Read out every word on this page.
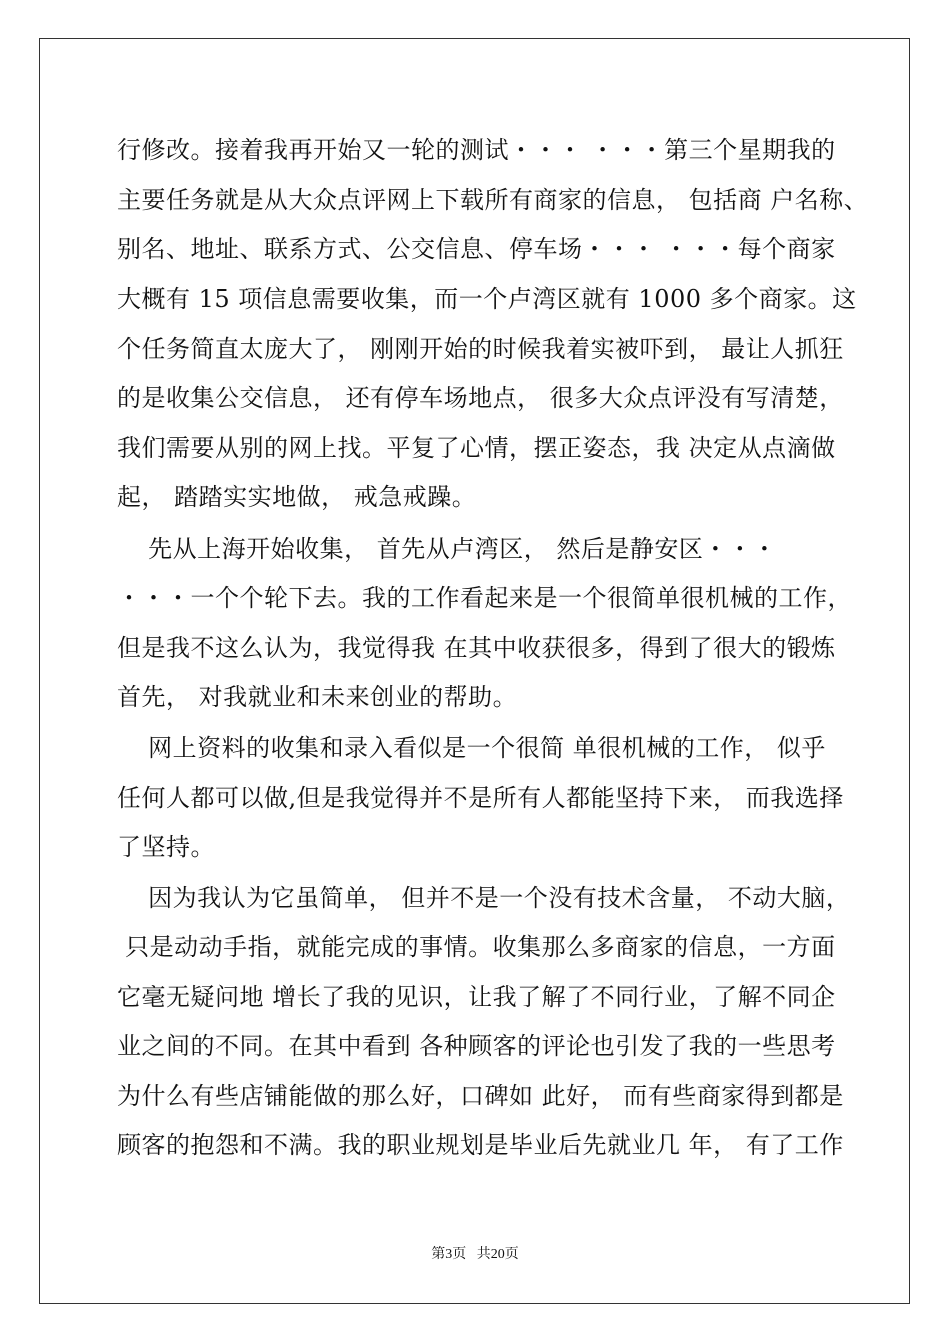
行修改。接着我再开始又一轮的测试・・・ ・・・第三个星期我的
主要任务就是从大众点评网上下载所有商家的信息， 包括商 户名称、
别名、地址、联系方式、公交信息、停车场・・・ ・・・每个商家
大概有 15 项信息需要收集，而一个卢湾区就有 1000 多个商家。这
个任务简直太庞大了， 刚刚开始的时候我着实被吓到， 最让人抓狂
的是收集公交信息， 还有停车场地点， 很多大众点评没有写清楚，
我们需要从别的网上找。平复了心情，摆正姿态，我 决定从点滴做
起， 踏踏实实地做， 戒急戒躁。
先从上海开始收集， 首先从卢湾区， 然后是静安区・・・
・・・一个个轮下去。我的工作看起来是一个很简单很机械的工作，
但是我不这么认为，我觉得我 在其中收获很多，得到了很大的锻炼
首先， 对我就业和未来创业的帮助。
网上资料的收集和录入看似是一个很简 单很机械的工作， 似乎
任何人都可以做,但是我觉得并不是所有人都能坚持下来， 而我选择
了坚持。
因为我认为它虽简单， 但并不是一个没有技术含量， 不动大脑，
只是动动手指，就能完成的事情。收集那么多商家的信息，一方面
它毫无疑问地 增长了我的见识，让我了解了不同行业，了解不同企
业之间的不同。在其中看到 各种顾客的评论也引发了我的一些思考
为什么有些店铺能做的那么好，口碑如 此好， 而有些商家得到都是
顾客的抱怨和不满。我的职业规划是毕业后先就业几 年， 有了工作
第3页   共20页
